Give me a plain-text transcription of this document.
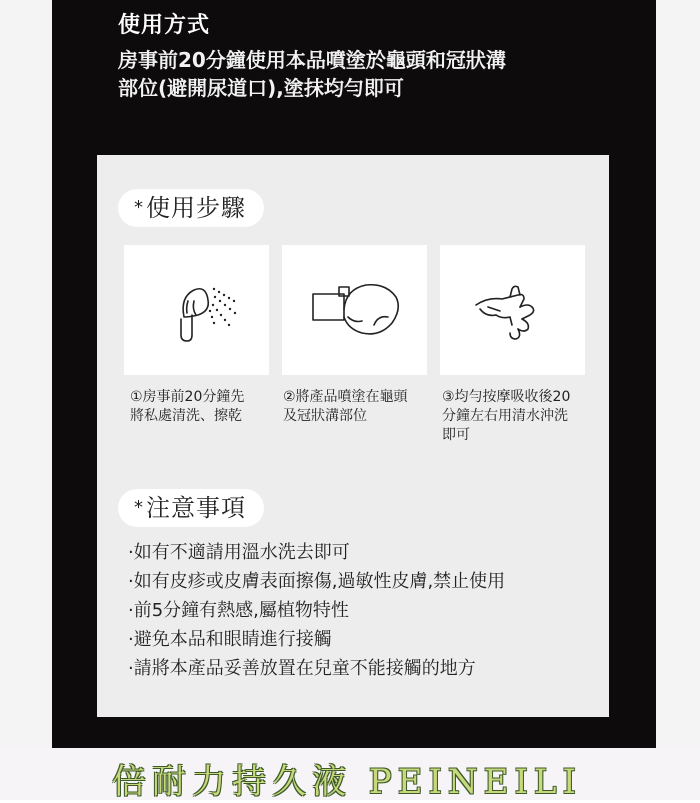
使用方式
房事前20分鐘使用本品噴塗於龜頭和冠狀溝
部位(避開尿道口),塗抹均勻即可
*使用步驟
①房事前20分鐘先
將私處清洗、擦乾
②將產品噴塗在龜頭
及冠狀溝部位
③均勻按摩吸收後20
分鐘左右用清水沖洗
即可
*注意事項
·如有不適請用溫水洗去即可
·如有皮疹或皮膚表面擦傷,過敏性皮膚,禁止使用
·前5分鐘有熱感,屬植物特性
·避免本品和眼睛進行接觸
·請將本產品妥善放置在兒童不能接觸的地方
倍耐力持久液 PEINEILI
